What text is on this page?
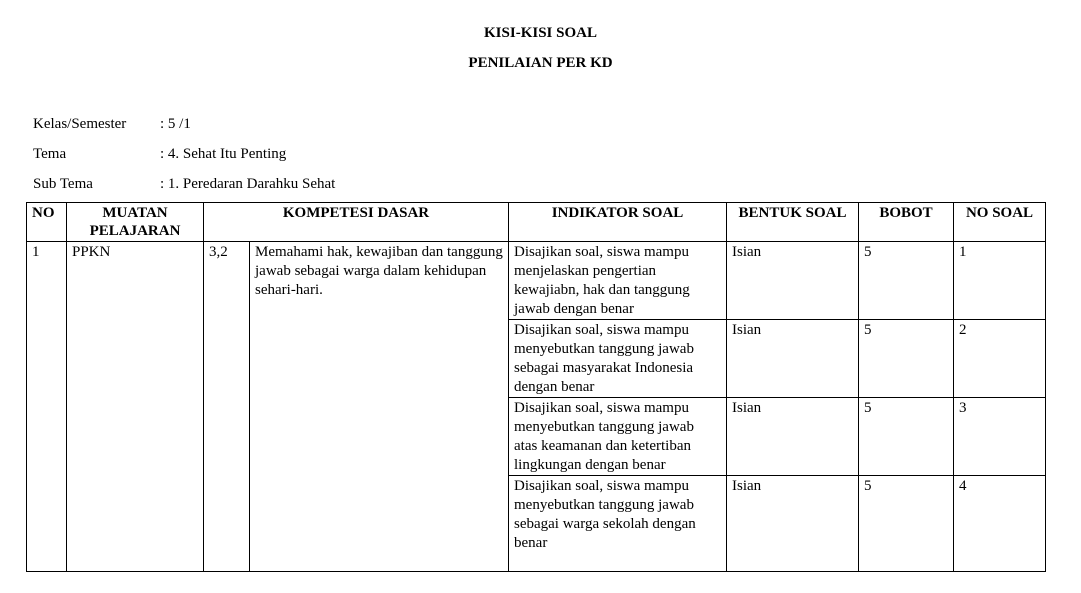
KISI-KISI SOAL
PENILAIAN PER KD
Kelas/Semester : 5 /1
Tema	: 4. Sehat Itu Penting
Sub Tema	: 1. Peredaran Darahku Sehat
NO	MUATAN PELAJARAN	KOMPETESI DASAR		INDIKATOR SOAL	BENTUK SOAL	BOBOT	NO SOAL
1	PPKN	3,2	Memahami hak, kewajiban dan tanggung jawab sebagai warga dalam kehidupan sehari-hari.	Disajikan soal, siswa mampu menjelaskan pengertian kewajiabn, hak dan tanggung jawab dengan benar	Isian	5	1
				Disajikan soal, siswa mampu menyebutkan tanggung jawab sebagai masyarakat Indonesia dengan benar	Isian	5	2
				Disajikan soal, siswa mampu menyebutkan tanggung jawab atas keamanan dan ketertiban lingkungan dengan benar	Isian	5	3
				Disajikan soal, siswa mampu menyebutkan tanggung jawab sebagai warga sekolah dengan benar	Isian	5	4
